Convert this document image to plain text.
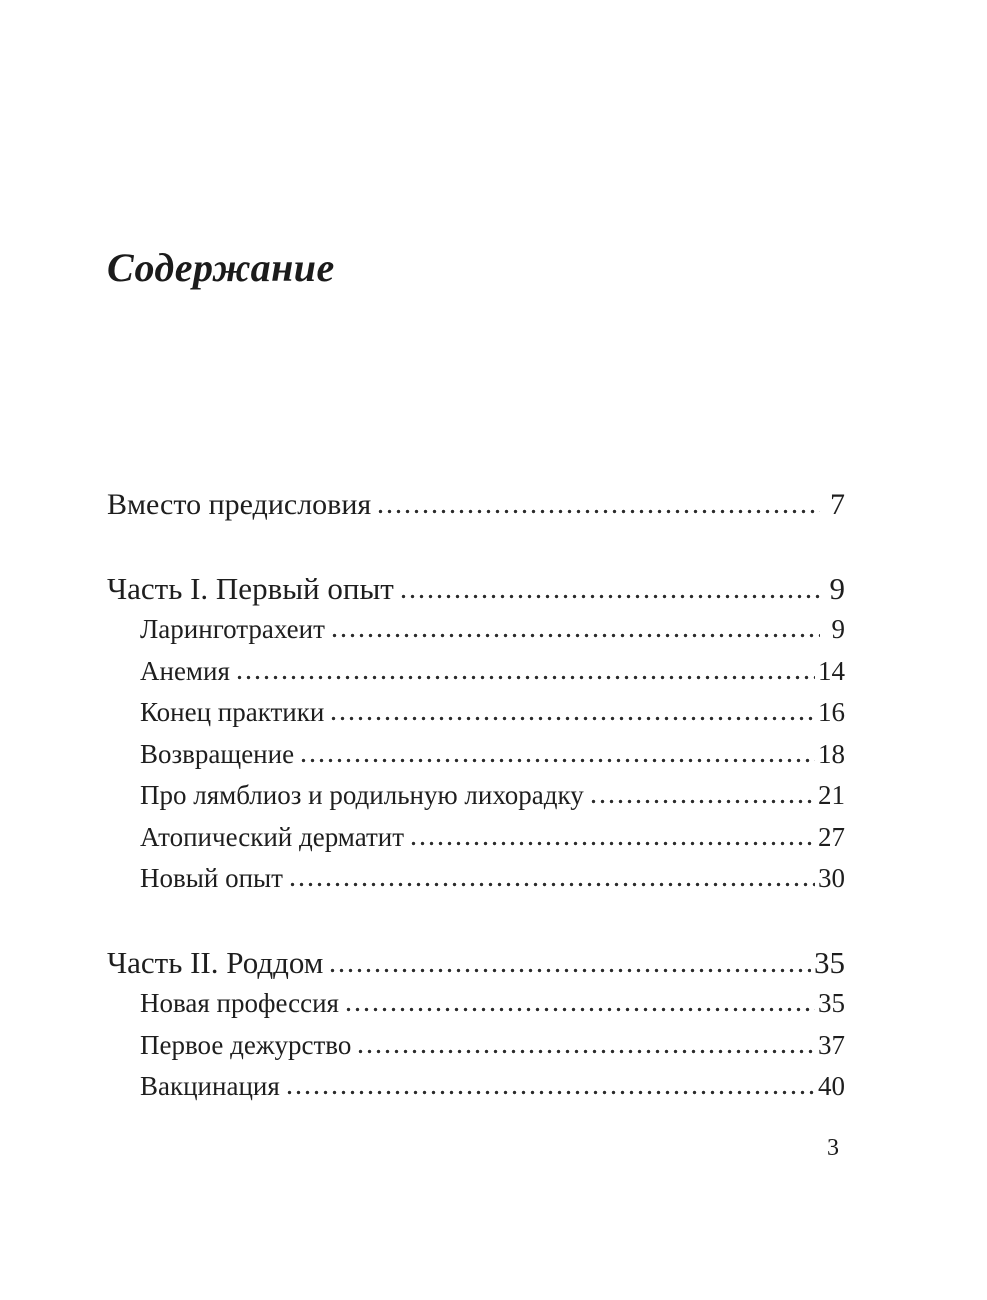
Содержание
Вместо предисловия	7
Часть I. Первый опыт	9
Ларинготрахеит	9
Анемия	14
Конец практики	16
Возвращение	18
Про лямблиоз и родильную лихорадку	21
Атопический дерматит	27
Новый опыт	30
Часть II. Роддом	35
Новая профессия	35
Первое дежурство	37
Вакцинация	40
3
